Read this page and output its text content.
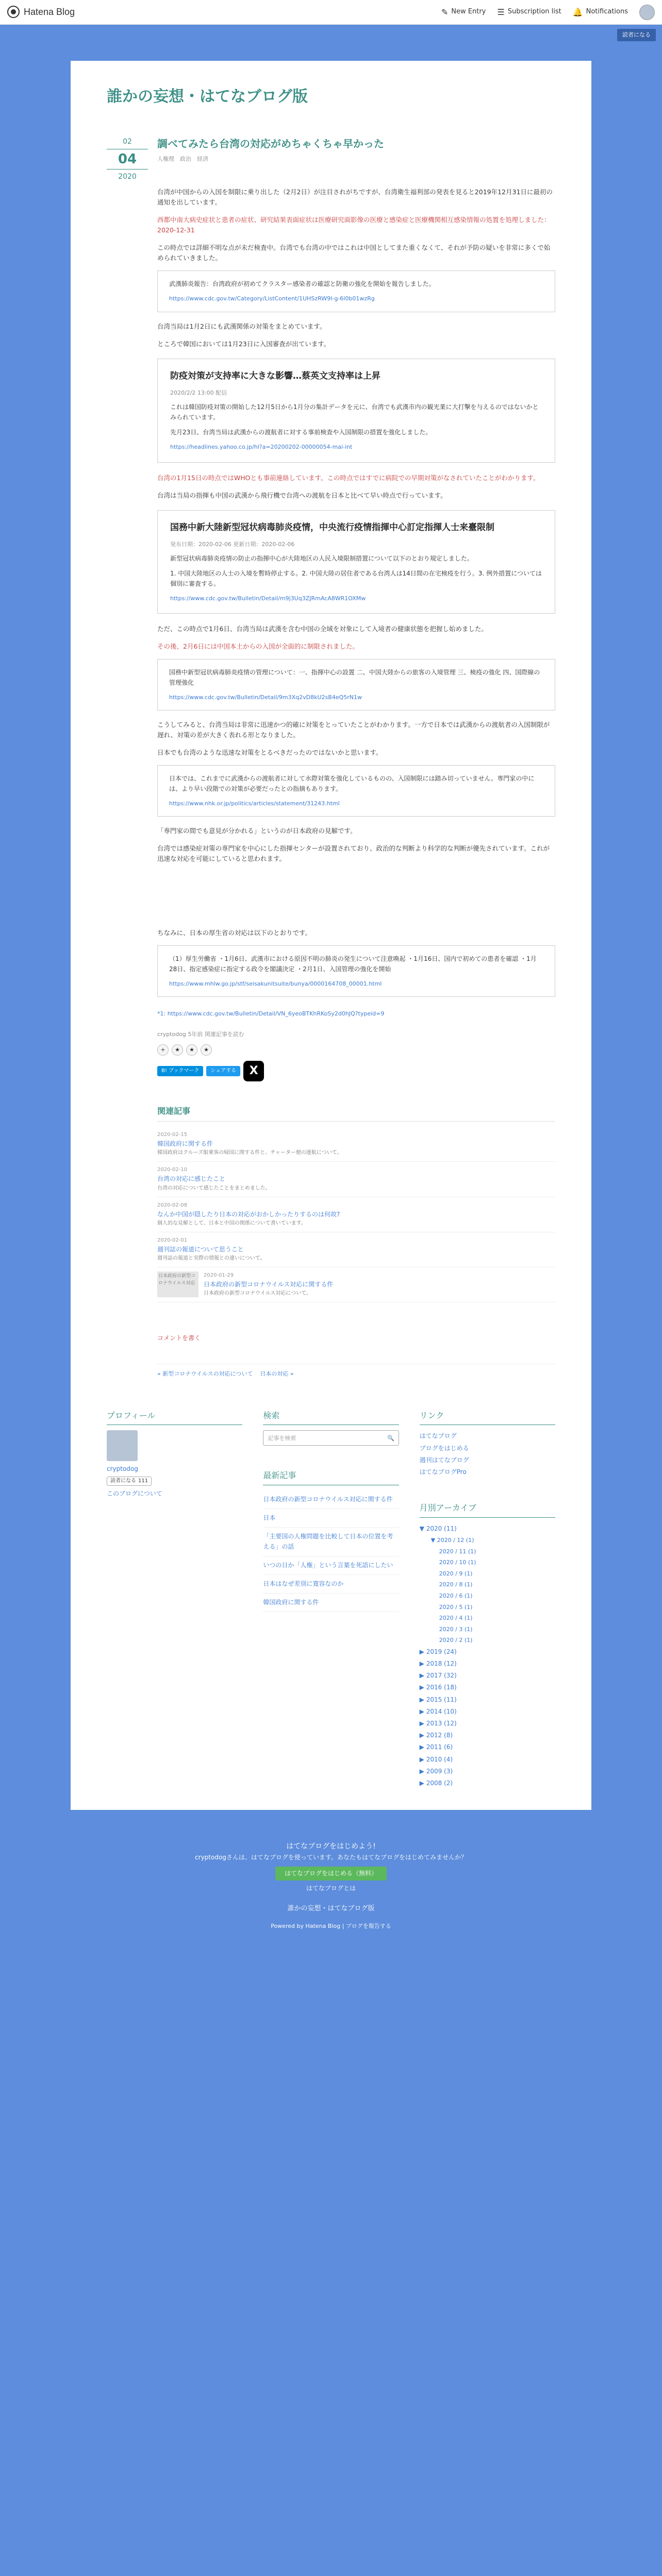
Hatena Blog	✎ New Entry ☰ Subscription list 🔔 Notifications
読者になる
誰かの妄想・はてなブログ版
02
04
2020
調べてみたら台湾の対応がめちゃくちゃ早かった
人権理　政治　経済

台湾が中国からの入国を制限に乗り出した（2月2日）が注目されがちですが、台湾衛生福利部の発表を見ると2019年12月31日に最初の通知を出しています。

西都中南大病史症状と患者の症状、研究結果表面症状は医療研究面影像の医療と感染症と医療機関相互感染情報の処置を処理しました：2020-12-31

この時点では詳細不明な点が未だ検査中。台湾でも台湾の中ではこれは中国としてまた重くなくて、それが予防の疑いを非常に多くで始められていきました。

武漢肺炎報告：台湾政府が初めてクラスター感染者の確認と防衛の強化を開始を報告しました。

https://www.cdc.gov.tw/Category/ListContent/1UHSzRW9I-g-6l0b01wzRg

台湾当局は1月2日にも武漢関係の対策をまとめています。

ところで韓国においては1月23日に入国審査が出ています。

防疫対策が支持率に大きな影響…蔡英文支持率は上昇
2020/2/2 13:00 配信

これは韓国防疫対策の開始した12月5日から1月分の集計データを元に、台湾でも武漢市内の観光業に大打撃を与えるのではないかとみられています。

先月23日、台湾当局は武漢からの渡航者に対する事前検査や入国制限の措置を強化しました。

https://headlines.yahoo.co.jp/hl?a=20200202-00000054-mai-int

台湾の1月15日の時点ではWHOとも事前連絡しています。この時点ではすでに病院での早期対策がなされていたことがわかります。

台湾は当局の指揮も中国の武漢から飛行機で台湾への渡航を日本と比べて早い時点で行っています。

国務中新大陸新型冠状病毒肺炎疫情，中央流行疫情指揮中心訂定指揮人士来臺限制
発布日期：2020-02-06 更新日期：2020-02-06

新型冠状病毒肺炎疫情の防止の指揮中心が大陸地区の人民入境限制措置について以下のとおり規定しました。

1. 中国大陸地区の人士の入境を暫時停止する。2. 中国大陸の居住者である台湾人は14日間の在宅検疫を行う。3. 例外措置については個別に審査する。

https://www.cdc.gov.tw/Bulletin/Detail/m9j3Uq3ZJRmAcA8WR1OXMw

ただ、この時点で1月6日、台湾当局は武漢を含む中国の全域を対象にして入境者の健康状態を把握し始めました。

その後、2月6日には中国本土からの入国が全面的に制限されました。

国務中新型冠状病毒肺炎疫情の管理について：一、指揮中心の設置 二、中国大陸からの旅客の入境管理 三、検疫の強化 四、国際線の管理強化

https://www.cdc.gov.tw/Bulletin/Detail/9m3Xq2vD8kU2sB4eQ5rN1w

こうしてみると、台湾当局は非常に迅速かつ的確に対策をとっていたことがわかります。一方で日本では武漢からの渡航者の入国制限が遅れ、対策の差が大きく表れる形となりました。

日本でも台湾のような迅速な対策をとるべきだったのではないかと思います。

日本では、これまでに武漢からの渡航者に対して水際対策を強化しているものの、入国制限には踏み切っていません。専門家の中には、より早い段階での対策が必要だったとの指摘もあります。

https://www.nhk.or.jp/politics/articles/statement/31243.html

「専門家の間でも意見が分かれる」というのが日本政府の見解です。

台湾では感染症対策の専門家を中心にした指揮センターが設置されており、政治的な判断より科学的な判断が優先されています。これが迅速な対応を可能にしていると思われます。

ちなみに、日本の厚生省の対応は以下のとおりです。

（1）厚生労働省 ・1月6日、武漢市における原因不明の肺炎の発生について注意喚起 ・1月16日、国内で初めての患者を確認 ・1月28日、指定感染症に指定する政令を閣議決定 ・2月1日、入国管理の強化を開始

https://www.mhlw.go.jp/stf/seisakunitsuite/bunya/0000164708_00001.html
*1: https://www.cdc.gov.tw/Bulletin/Detail/VN_6yeoBTKhRKoSy2d0hJQ?typeid=9
cryptodog 5年前 関連記事を読む
+	★	★	★
B! ブックマーク	シェアする	X
関連記事
2020-02-15
韓国政府に関する件
韓国政府はクルーズ船乗客の帰国に関する件と、チャーター便の運航について。
2020-02-10
台湾の対応に感じたこと
台湾の対応について感じたことをまとめました。
2020-02-08
なんか中国が隠したり日本の対応がおかしかったりするのは何故?
個人的な見解として、日本と中国の関係について書いています。
2020-02-01
週刊誌の報道について思うこと
週刊誌の報道と実際の情報との違いについて。
日本政府の新型コロナウイルス対応
2020-01-29
日本政府の新型コロナウイルス対応に関する件
日本政府の新型コロナウイルス対応について。
コメントを書く
« 新型コロナウイルスの対応について 日本の対応 »
プロフィール
cryptodog
読者になる 111
このブログについて
検索
記事を検索	🔍
最新記事
日本政府の新型コロナウイルス対応に関する件
日本
「主要国の人権問題を比較して日本の位置を考える」の話
いつの日か「人権」という言葉を死語にしたい
日本はなぜ差別に寛容なのか
韓国政府に関する件
リンク
はてなブログ
ブログをはじめる
週刊はてなブログ
はてなブログPro
月別アーカイブ
▼ 2020 (11)
▼ 2020 / 12 (1)
2020 / 11 (1)
2020 / 10 (1)
2020 / 9 (1)
2020 / 8 (1)
2020 / 6 (1)
2020 / 5 (1)
2020 / 4 (1)
2020 / 3 (1)
2020 / 2 (1)
▶ 2019 (24)
▶ 2018 (12)
▶ 2017 (32)
▶ 2016 (18)
▶ 2015 (11)
▶ 2014 (10)
▶ 2013 (12)
▶ 2012 (8)
▶ 2011 (6)
▶ 2010 (4)
▶ 2009 (3)
▶ 2008 (2)
はてなブログをはじめよう!
cryptodogさんは、はてなブログを使っています。あなたもはてなブログをはじめてみませんか？
はてなブログをはじめる（無料）
はてなブログとは
誰かの妄想・はてなブログ版
Powered by Hatena Blog | ブログを報告する
